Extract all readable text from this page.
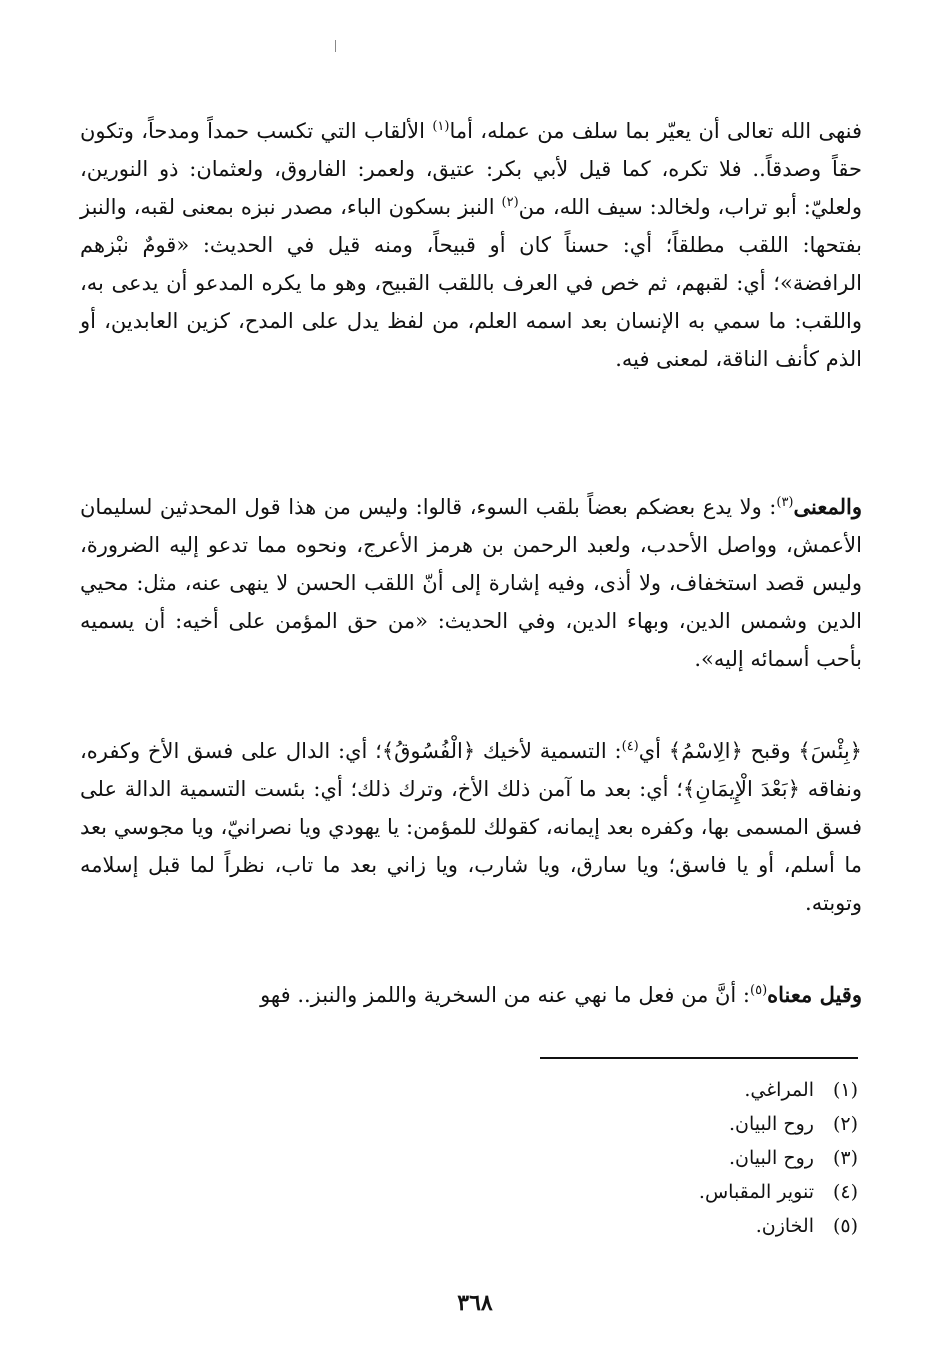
فنهى الله تعالى أن يعيّر بما سلف من عمله، أما$^{(١)}$ الألقاب التي تكسب حمداً ومدحاً، وتكون حقاً وصدقاً.. فلا تكره، كما قيل لأبي بكر: عتيق، ولعمر: الفاروق، ولعثمان: ذو النورين، ولعليّ: أبو تراب، ولخالد: سيف الله، من$^{(٢)}$ النبز بسكون الباء، مصدر نبزه بمعنى لقبه، والنبز بفتحها: اللقب مطلقاً؛ أي: حسناً كان أو قبيحاً، ومنه قيل في الحديث: «قومٌ نبْزهم الرافضة»؛ أي: لقبهم، ثم خص في العرف باللقب القبيح، وهو ما يكره المدعو أن يدعى به، واللقب: ما سمي به الإنسان بعد اسمه العلم، من لفظ يدل على المدح، كزين العابدين، أو الذم كأنف الناقة، لمعنى فيه.

والمعنى$^{(٣)}$: ولا يدع بعضكم بعضاً بلقب السوء، قالوا: وليس من هذا قول المحدثين لسليمان الأعمش، وواصل الأحدب، ولعبد الرحمن بن هرمز الأعرج، ونحوه مما تدعو إليه الضرورة، وليس قصد استخفاف، ولا أذى، وفيه إشارة إلى أنّ اللقب الحسن لا ينهى عنه، مثل: محيي الدين وشمس الدين، وبهاء الدين، وفي الحديث: «من حق المؤمن على أخيه: أن يسميه بأحب أسمائه إليه».

﴿بِئْسَ﴾ وقبح ﴿الِاسْمُ﴾ أي$^{(٤)}$: التسمية لأخيك ﴿الْفُسُوقُ﴾؛ أي: الدال على فسق الأخ وكفره، ونفاقه ﴿بَعْدَ الْإِيمَانِ﴾؛ أي: بعد ما آمن ذلك الأخ، وترك ذلك؛ أي: بئست التسمية الدالة على فسق المسمى بها، وكفره بعد إيمانه، كقولك للمؤمن: يا يهودي ويا نصرانيّ، ويا مجوسي بعد ما أسلم، أو يا فاسق؛ ويا سارق، ويا شارب، ويا زاني بعد ما تاب، نظراً لما قبل إسلامه وتوبته.

وقيل معناه$^{(٥)}$: أنَّ من فعل ما نهي عنه من السخرية واللمز والنبز.. فهو

(١)المراغي.
(٢)روح البيان.
(٣)روح البيان.
(٤)تنوير المقباس.
(٥)الخازن.
٣٦٨
